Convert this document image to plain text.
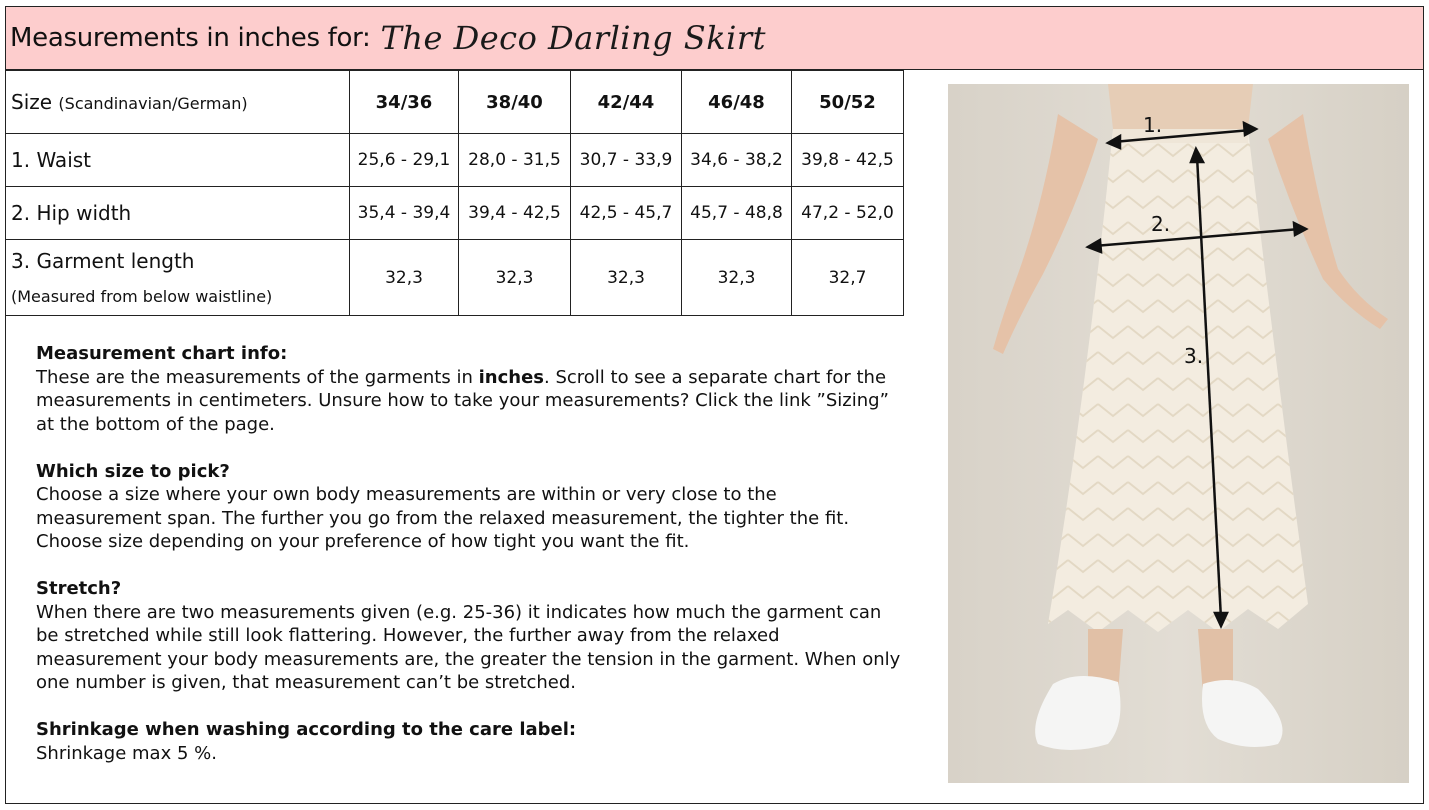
Measurements in inches for: The Deco Darling Skirt
Size (Scandinavian/German)	34/36	38/40	42/44	46/48	50/52
1. Waist	25,6 - 29,1	28,0 - 31,5	30,7 - 33,9	34,6 - 38,2	39,8 - 42,5
2. Hip width	35,4 - 39,4	39,4 - 42,5	42,5 - 45,7	45,7 - 48,8	47,2 - 52,0
3. Garment length
(Measured from below waistline)	32,3	32,3	32,3	32,3	32,7
Measurement chart info:

These are the measurements of the garments in inches. Scroll to see a separate chart for the measurements in centimeters. Unsure how to take your measurements? Click the link ”Sizing” at the bottom of the page.

Which size to pick?

Choose a size where your own body measurements are within or very close to the measurement span. The further you go from the relaxed measurement, the tighter the fit. Choose size depending on your preference of how tight you want the fit.

Stretch?

When there are two measurements given (e.g. 25-36) it indicates how much the garment can be stretched while still look flattering. However, the further away from the relaxed measurement your body measurements are, the greater the tension in the garment. When only one number is given, that measurement can’t be stretched.

Shrinkage when washing according to the care label:

Shrinkage max 5 %.

1.
2.
3.
